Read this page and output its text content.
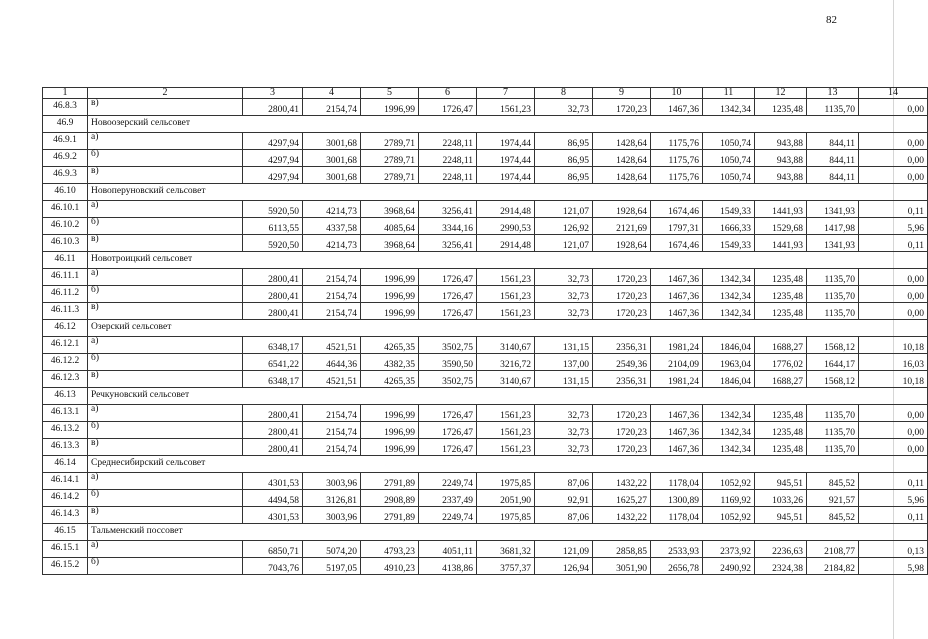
82
1	2	3	4	5	6	7	8	9	10	11	12	13	14
46.8.3	в)	2800,41	2154,74	1996,99	1726,47	1561,23	32,73	1720,23	1467,36	1342,34	1235,48	1135,70	0,00
46.9	Новоозерский сельсовет												
46.9.1	а)	4297,94	3001,68	2789,71	2248,11	1974,44	86,95	1428,64	1175,76	1050,74	943,88	844,11	0,00
46.9.2	б)	4297,94	3001,68	2789,71	2248,11	1974,44	86,95	1428,64	1175,76	1050,74	943,88	844,11	0,00
46.9.3	в)	4297,94	3001,68	2789,71	2248,11	1974,44	86,95	1428,64	1175,76	1050,74	943,88	844,11	0,00
46.10	Новоперуновский сельсовет												
46.10.1	а)	5920,50	4214,73	3968,64	3256,41	2914,48	121,07	1928,64	1674,46	1549,33	1441,93	1341,93	0,11
46.10.2	б)	6113,55	4337,58	4085,64	3344,16	2990,53	126,92	2121,69	1797,31	1666,33	1529,68	1417,98	5,96
46.10.3	в)	5920,50	4214,73	3968,64	3256,41	2914,48	121,07	1928,64	1674,46	1549,33	1441,93	1341,93	0,11
46.11	Новотроицкий сельсовет												
46.11.1	а)	2800,41	2154,74	1996,99	1726,47	1561,23	32,73	1720,23	1467,36	1342,34	1235,48	1135,70	0,00
46.11.2	б)	2800,41	2154,74	1996,99	1726,47	1561,23	32,73	1720,23	1467,36	1342,34	1235,48	1135,70	0,00
46.11.3	в)	2800,41	2154,74	1996,99	1726,47	1561,23	32,73	1720,23	1467,36	1342,34	1235,48	1135,70	0,00
46.12	Озерский сельсовет												
46.12.1	а)	6348,17	4521,51	4265,35	3502,75	3140,67	131,15	2356,31	1981,24	1846,04	1688,27	1568,12	10,18
46.12.2	б)	6541,22	4644,36	4382,35	3590,50	3216,72	137,00	2549,36	2104,09	1963,04	1776,02	1644,17	16,03
46.12.3	в)	6348,17	4521,51	4265,35	3502,75	3140,67	131,15	2356,31	1981,24	1846,04	1688,27	1568,12	10,18
46.13	Речкуновский сельсовет												
46.13.1	а)	2800,41	2154,74	1996,99	1726,47	1561,23	32,73	1720,23	1467,36	1342,34	1235,48	1135,70	0,00
46.13.2	б)	2800,41	2154,74	1996,99	1726,47	1561,23	32,73	1720,23	1467,36	1342,34	1235,48	1135,70	0,00
46.13.3	в)	2800,41	2154,74	1996,99	1726,47	1561,23	32,73	1720,23	1467,36	1342,34	1235,48	1135,70	0,00
46.14	Среднесибирский сельсовет												
46.14.1	а)	4301,53	3003,96	2791,89	2249,74	1975,85	87,06	1432,22	1178,04	1052,92	945,51	845,52	0,11
46.14.2	б)	4494,58	3126,81	2908,89	2337,49	2051,90	92,91	1625,27	1300,89	1169,92	1033,26	921,57	5,96
46.14.3	в)	4301,53	3003,96	2791,89	2249,74	1975,85	87,06	1432,22	1178,04	1052,92	945,51	845,52	0,11
46.15	Тальменский поссовет												
46.15.1	а)	6850,71	5074,20	4793,23	4051,11	3681,32	121,09	2858,85	2533,93	2373,92	2236,63	2108,77	0,13
46.15.2	б)	7043,76	5197,05	4910,23	4138,86	3757,37	126,94	3051,90	2656,78	2490,92	2324,38	2184,82	5,98
